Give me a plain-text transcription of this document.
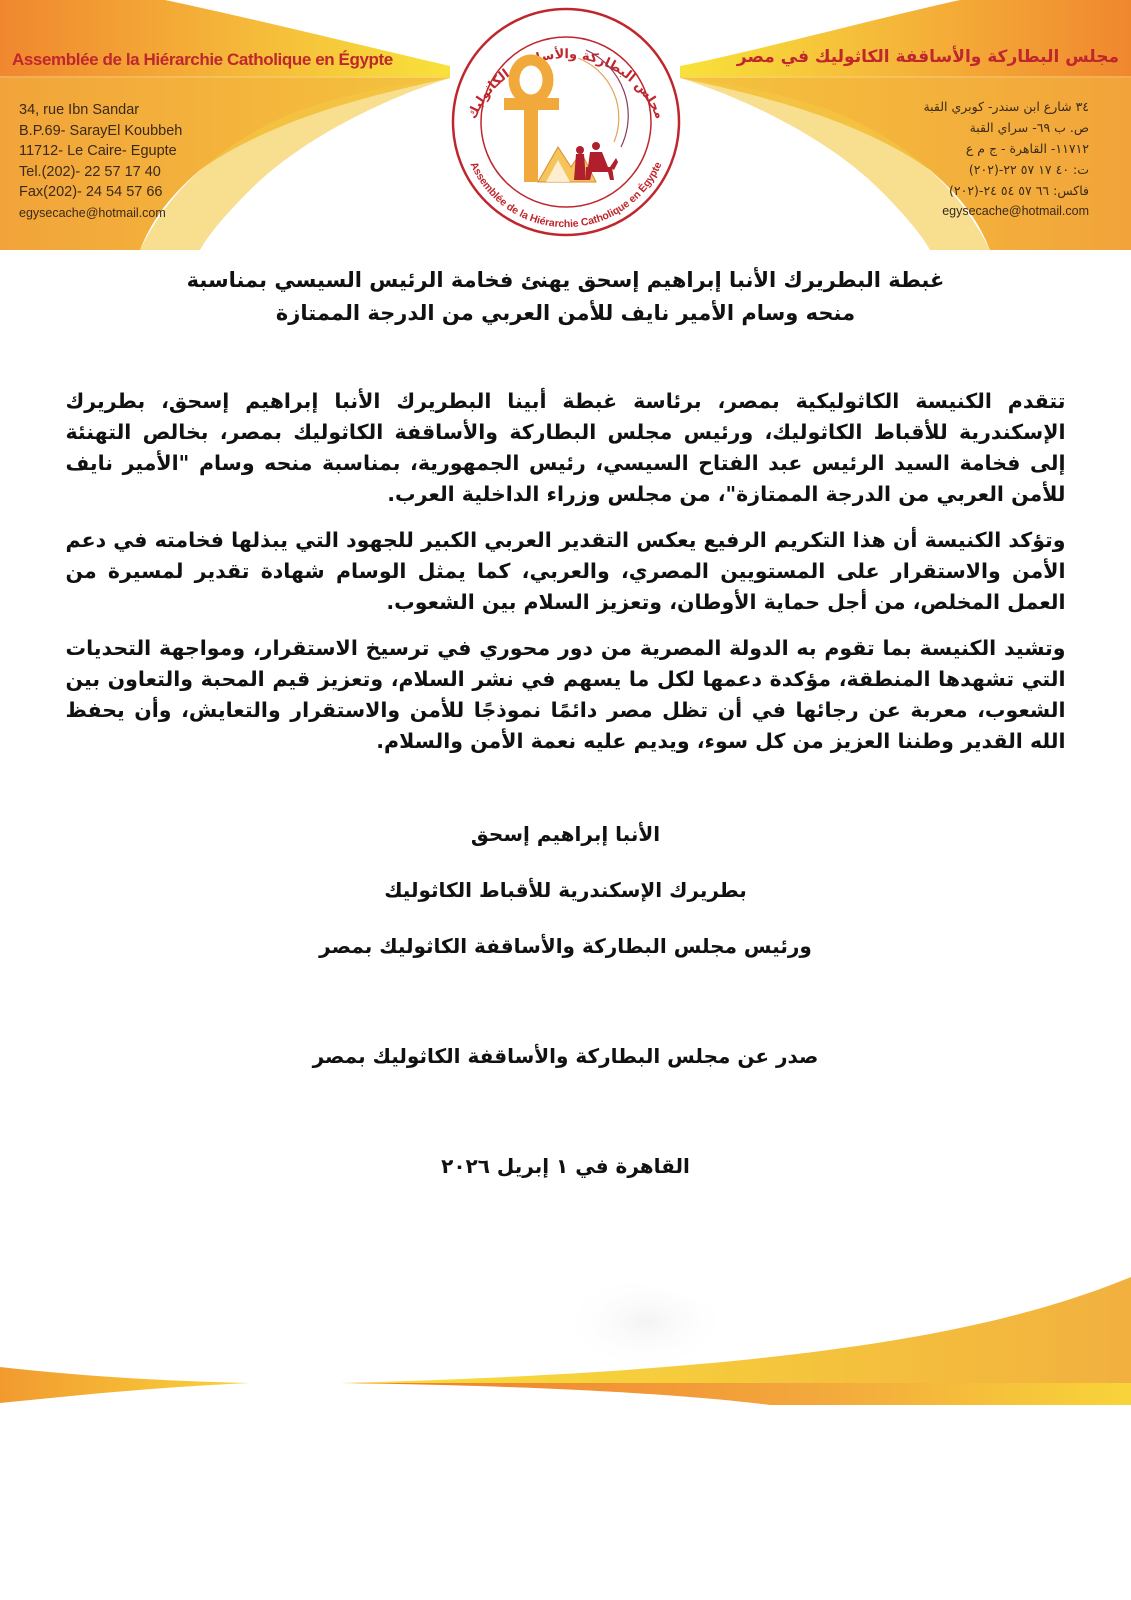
Assemblée de la Hiérarchie Catholique en Égypte	مجلس البطاركة والأساقفة الكاثوليك في مصر
34, rue Ibn Sandar
B.P.69- SarayEl Koubbeh
11712- Le Caire- Egupte
Tel.(202)- 22 57 17 40
Fax(202)- 24 54 57 66
egysecache@hotmail.com
٣٤ شارع ابن سندر- كوبري القبة
ص. ب ٦٩- سراي القبة
١١٧١٢- القاهرة - ج م ع
ت: ٤٠ ١٧ ٥٧ ٢٢-(٢٠٢)
فاكس: ٦٦ ٥٧ ٥٤ ٢٤-(٢٠٢)
egysecache@hotmail.com
مجلس البطاركة والأساقفة الكاثوليك
Assemblée de la Hiérarchie Catholique en Égypte
غبطة البطريرك الأنبا إبراهيم إسحق يهنئ فخامة الرئيس السيسي بمناسبة
منحه وسام الأمير نايف للأمن العربي من الدرجة الممتازة

تتقدم الكنيسة الكاثوليكية بمصر، برئاسة غبطة أبينا البطريرك الأنبا إبراهيم إسحق، بطريرك الإسكندرية للأقباط الكاثوليك، ورئيس مجلس البطاركة والأساقفة الكاثوليك بمصر، بخالص التهنئة إلى فخامة السيد الرئيس عبد الفتاح السيسي، رئيس الجمهورية، بمناسبة منحه وسام "الأمير نايف للأمن العربي من الدرجة الممتازة"، من مجلس وزراء الداخلية العرب.

وتؤكد الكنيسة أن هذا التكريم الرفيع يعكس التقدير العربي الكبير للجهود التي يبذلها فخامته في دعم الأمن والاستقرار على المستويين المصري، والعربي، كما يمثل الوسام شهادة تقدير لمسيرة من العمل المخلص، من أجل حماية الأوطان، وتعزيز السلام بين الشعوب.

وتشيد الكنيسة بما تقوم به الدولة المصرية من دور محوري في ترسيخ الاستقرار، ومواجهة التحديات التي تشهدها المنطقة، مؤكدة دعمها لكل ما يسهم في نشر السلام، وتعزيز قيم المحبة والتعاون بين الشعوب، معربة عن رجائها في أن تظل مصر دائمًا نموذجًا للأمن والاستقرار والتعايش، وأن يحفظ الله القدير وطننا العزيز من كل سوء، ويديم عليه نعمة الأمن والسلام.

الأنبا إبراهيم إسحق
بطريرك الإسكندرية للأقباط الكاثوليك
ورئيس مجلس البطاركة والأساقفة الكاثوليك بمصر
صدر عن مجلس البطاركة والأساقفة الكاثوليك بمصر
القاهرة في ١ إبريل ٢٠٢٦
